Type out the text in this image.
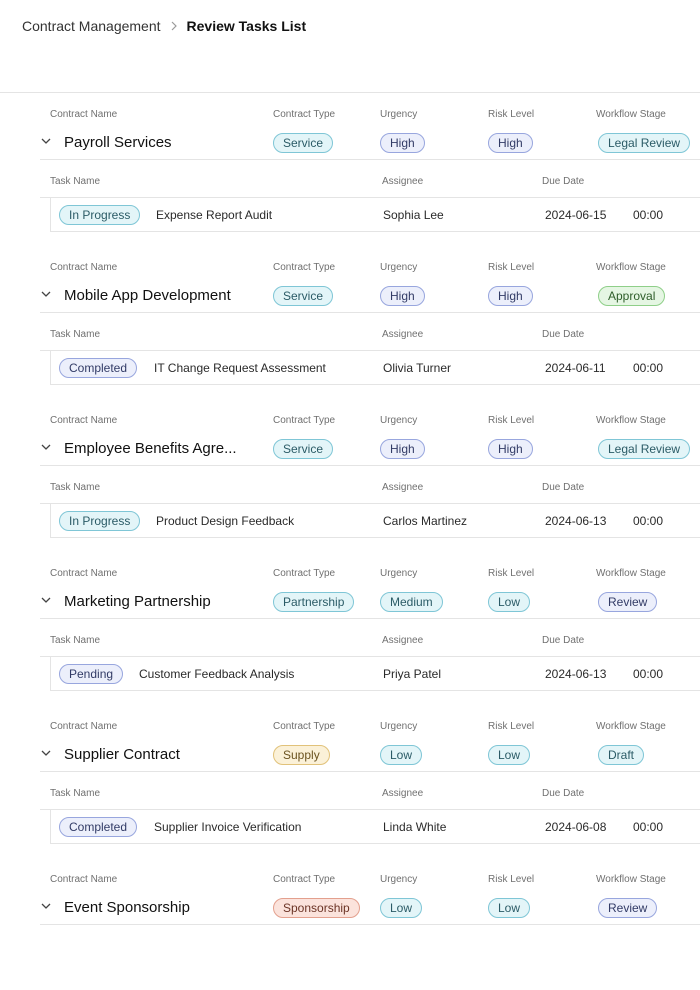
Contract Management Review Tasks List
Contract Name	Contract Type	Urgency	Risk Level	Workflow Stage
Payroll Services	Service	High	High	Legal Review
Task Name	Assignee	Due Date
In Progress	Expense Report Audit	Sophia Lee	2024-06-15 00:00
Contract Name	Contract Type	Urgency	Risk Level	Workflow Stage
Mobile App Development	Service	High	High	Approval
Task Name	Assignee	Due Date
Completed	IT Change Request Assessment	Olivia Turner	2024-06-11 00:00
Contract Name	Contract Type	Urgency	Risk Level	Workflow Stage
Employee Benefits Agre...	Service	High	High	Legal Review
Task Name	Assignee	Due Date
In Progress	Product Design Feedback	Carlos Martinez	2024-06-13 00:00
Contract Name	Contract Type	Urgency	Risk Level	Workflow Stage
Marketing Partnership	Partnership	Medium	Low	Review
Task Name	Assignee	Due Date
Pending	Customer Feedback Analysis	Priya Patel	2024-06-13 00:00
Contract Name	Contract Type	Urgency	Risk Level	Workflow Stage
Supplier Contract	Supply	Low	Low	Draft
Task Name	Assignee	Due Date
Completed	Supplier Invoice Verification	Linda White	2024-06-08 00:00
Contract Name	Contract Type	Urgency	Risk Level	Workflow Stage
Event Sponsorship	Sponsorship	Low	Low	Review
